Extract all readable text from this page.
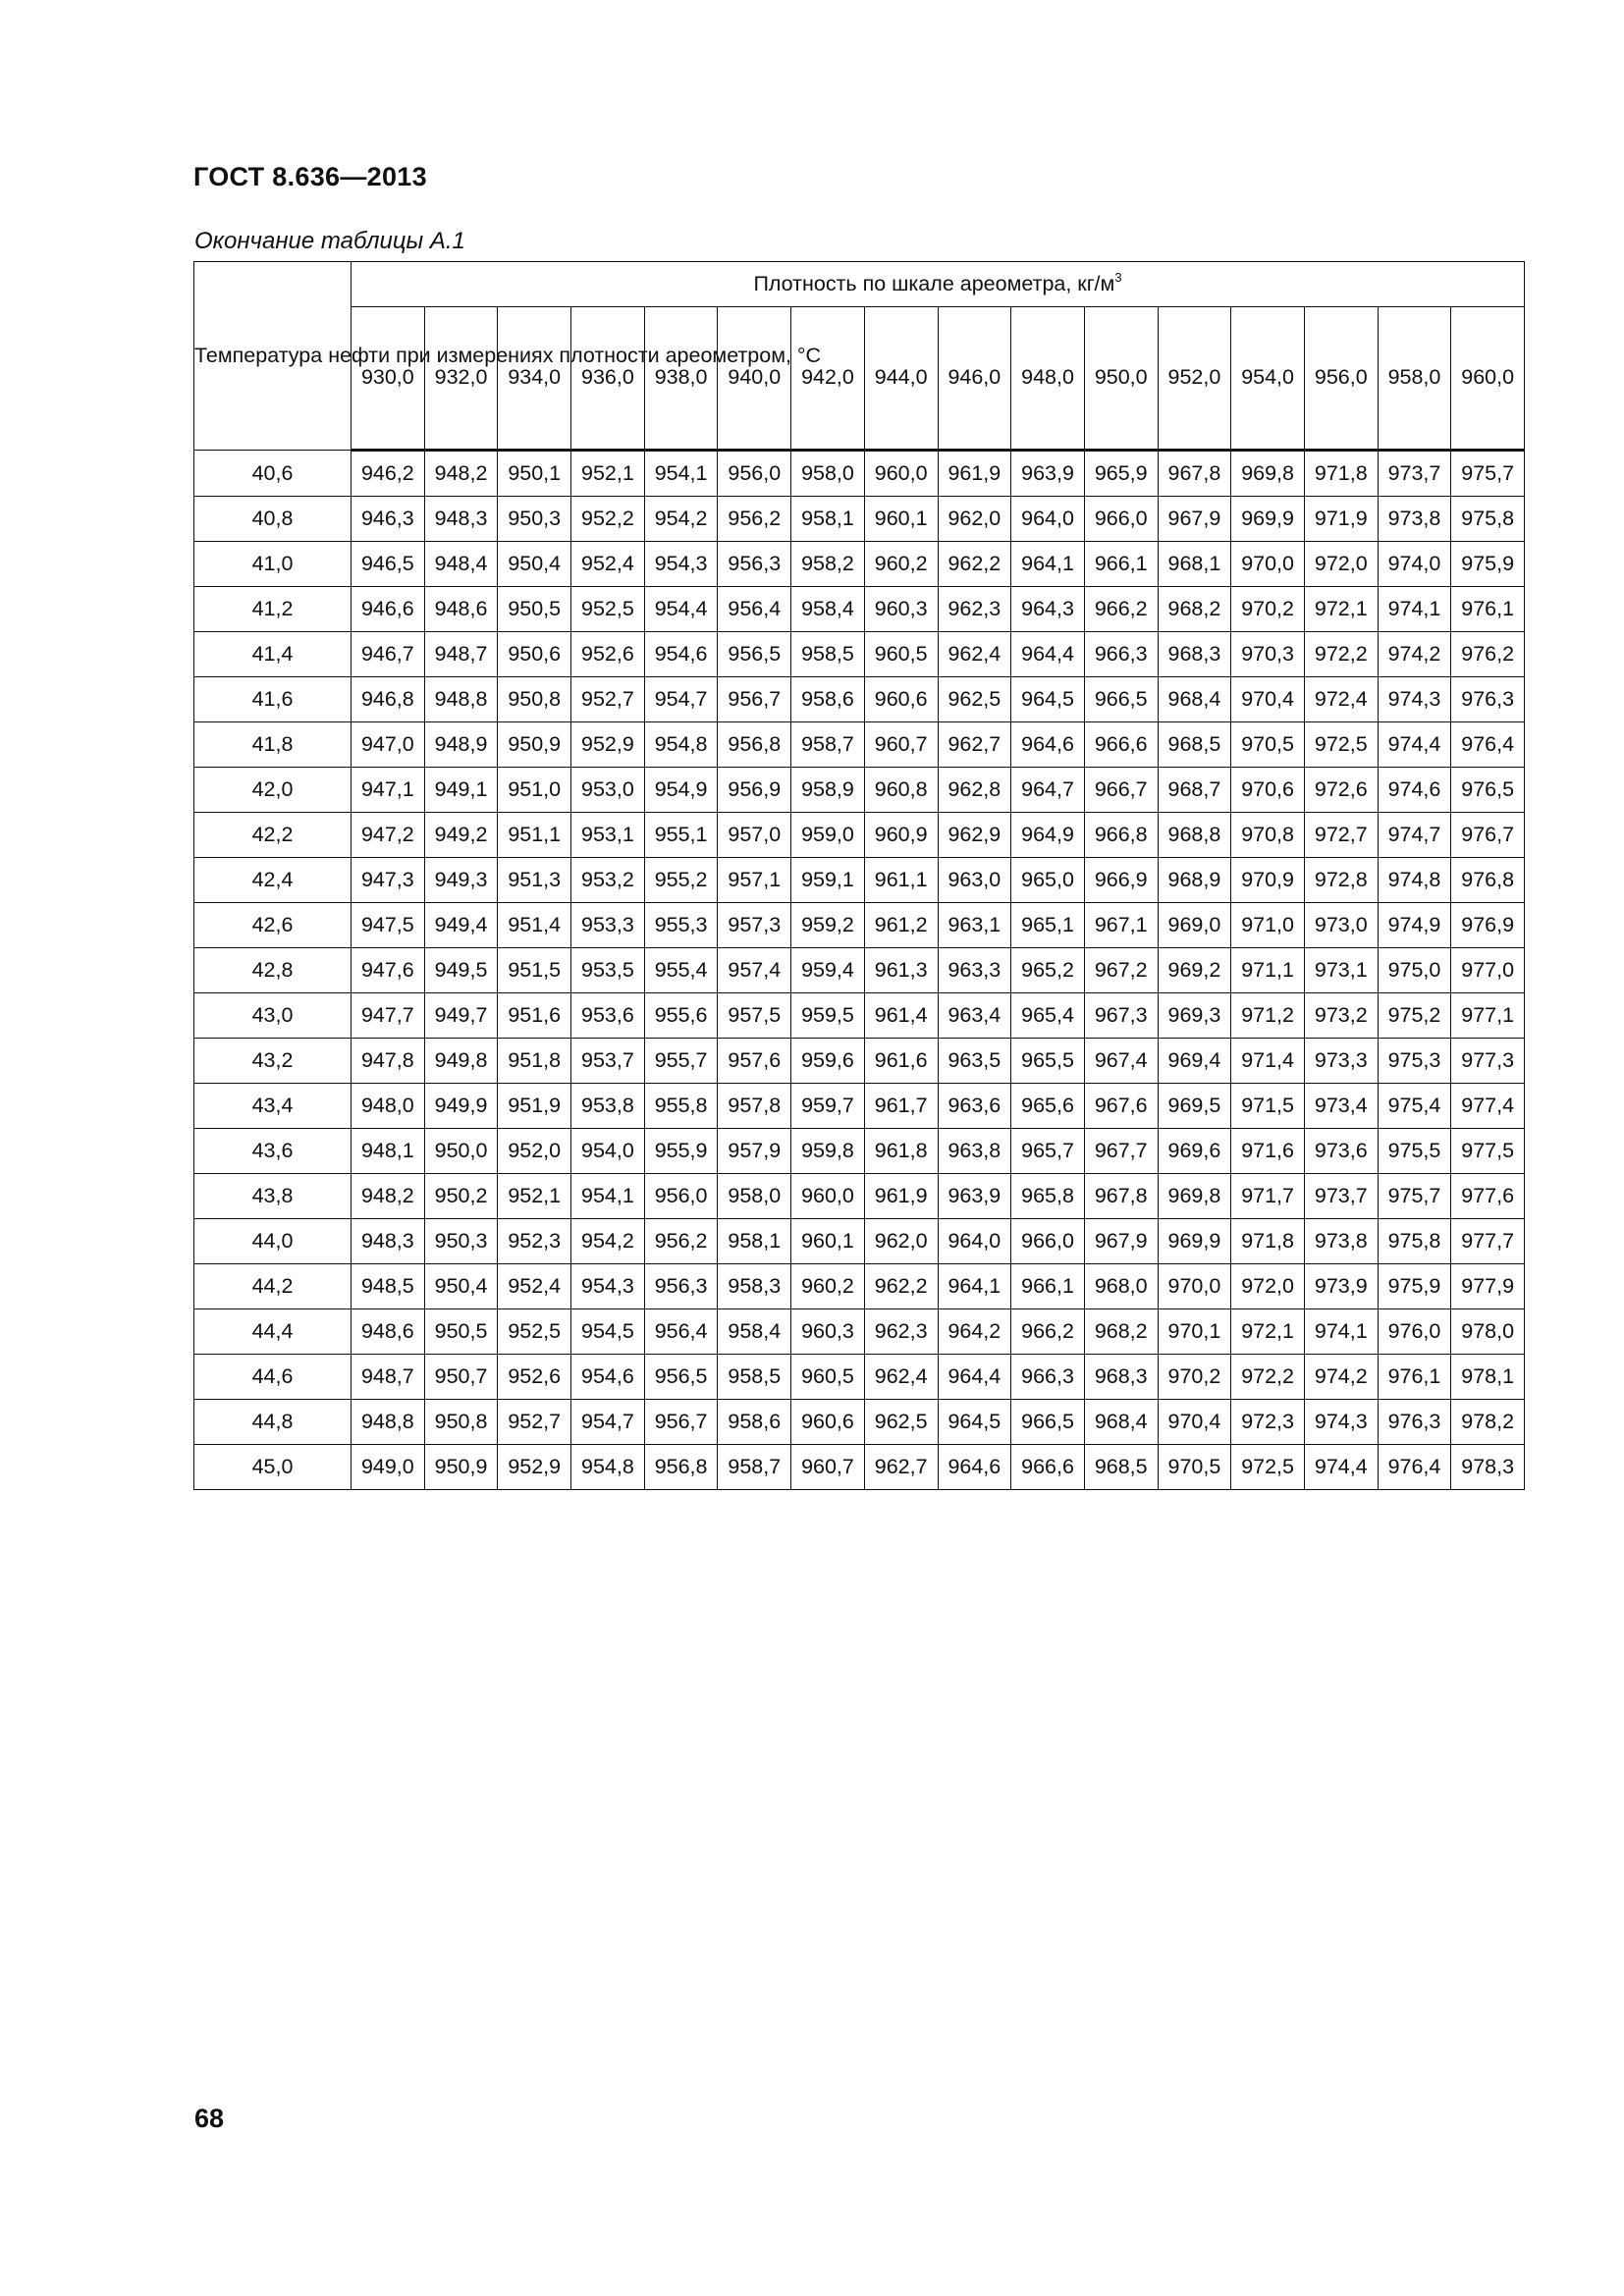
ГОСТ 8.636—2013
Окончание таблицы А.1
Температура нефти при измерениях плотности ареометром, °С	Плотность по шкале ареометра, $кг/м^3$
	930,0	932,0	934,0	936,0	938,0	940,0	942,0	944,0	946,0	948,0	950,0	952,0	954,0	956,0	958,0	960,0
40,6	946,2	948,2	950,1	952,1	954,1	956,0	958,0	960,0	961,9	963,9	965,9	967,8	969,8	971,8	973,7	975,7
40,8	946,3	948,3	950,3	952,2	954,2	956,2	958,1	960,1	962,0	964,0	966,0	967,9	969,9	971,9	973,8	975,8
41,0	946,5	948,4	950,4	952,4	954,3	956,3	958,2	960,2	962,2	964,1	966,1	968,1	970,0	972,0	974,0	975,9
41,2	946,6	948,6	950,5	952,5	954,4	956,4	958,4	960,3	962,3	964,3	966,2	968,2	970,2	972,1	974,1	976,1
41,4	946,7	948,7	950,6	952,6	954,6	956,5	958,5	960,5	962,4	964,4	966,3	968,3	970,3	972,2	974,2	976,2
41,6	946,8	948,8	950,8	952,7	954,7	956,7	958,6	960,6	962,5	964,5	966,5	968,4	970,4	972,4	974,3	976,3
41,8	947,0	948,9	950,9	952,9	954,8	956,8	958,7	960,7	962,7	964,6	966,6	968,5	970,5	972,5	974,4	976,4
42,0	947,1	949,1	951,0	953,0	954,9	956,9	958,9	960,8	962,8	964,7	966,7	968,7	970,6	972,6	974,6	976,5
42,2	947,2	949,2	951,1	953,1	955,1	957,0	959,0	960,9	962,9	964,9	966,8	968,8	970,8	972,7	974,7	976,7
42,4	947,3	949,3	951,3	953,2	955,2	957,1	959,1	961,1	963,0	965,0	966,9	968,9	970,9	972,8	974,8	976,8
42,6	947,5	949,4	951,4	953,3	955,3	957,3	959,2	961,2	963,1	965,1	967,1	969,0	971,0	973,0	974,9	976,9
42,8	947,6	949,5	951,5	953,5	955,4	957,4	959,4	961,3	963,3	965,2	967,2	969,2	971,1	973,1	975,0	977,0
43,0	947,7	949,7	951,6	953,6	955,6	957,5	959,5	961,4	963,4	965,4	967,3	969,3	971,2	973,2	975,2	977,1
43,2	947,8	949,8	951,8	953,7	955,7	957,6	959,6	961,6	963,5	965,5	967,4	969,4	971,4	973,3	975,3	977,3
43,4	948,0	949,9	951,9	953,8	955,8	957,8	959,7	961,7	963,6	965,6	967,6	969,5	971,5	973,4	975,4	977,4
43,6	948,1	950,0	952,0	954,0	955,9	957,9	959,8	961,8	963,8	965,7	967,7	969,6	971,6	973,6	975,5	977,5
43,8	948,2	950,2	952,1	954,1	956,0	958,0	960,0	961,9	963,9	965,8	967,8	969,8	971,7	973,7	975,7	977,6
44,0	948,3	950,3	952,3	954,2	956,2	958,1	960,1	962,0	964,0	966,0	967,9	969,9	971,8	973,8	975,8	977,7
44,2	948,5	950,4	952,4	954,3	956,3	958,3	960,2	962,2	964,1	966,1	968,0	970,0	972,0	973,9	975,9	977,9
44,4	948,6	950,5	952,5	954,5	956,4	958,4	960,3	962,3	964,2	966,2	968,2	970,1	972,1	974,1	976,0	978,0
44,6	948,7	950,7	952,6	954,6	956,5	958,5	960,5	962,4	964,4	966,3	968,3	970,2	972,2	974,2	976,1	978,1
44,8	948,8	950,8	952,7	954,7	956,7	958,6	960,6	962,5	964,5	966,5	968,4	970,4	972,3	974,3	976,3	978,2
45,0	949,0	950,9	952,9	954,8	956,8	958,7	960,7	962,7	964,6	966,6	968,5	970,5	972,5	974,4	976,4	978,3
68
